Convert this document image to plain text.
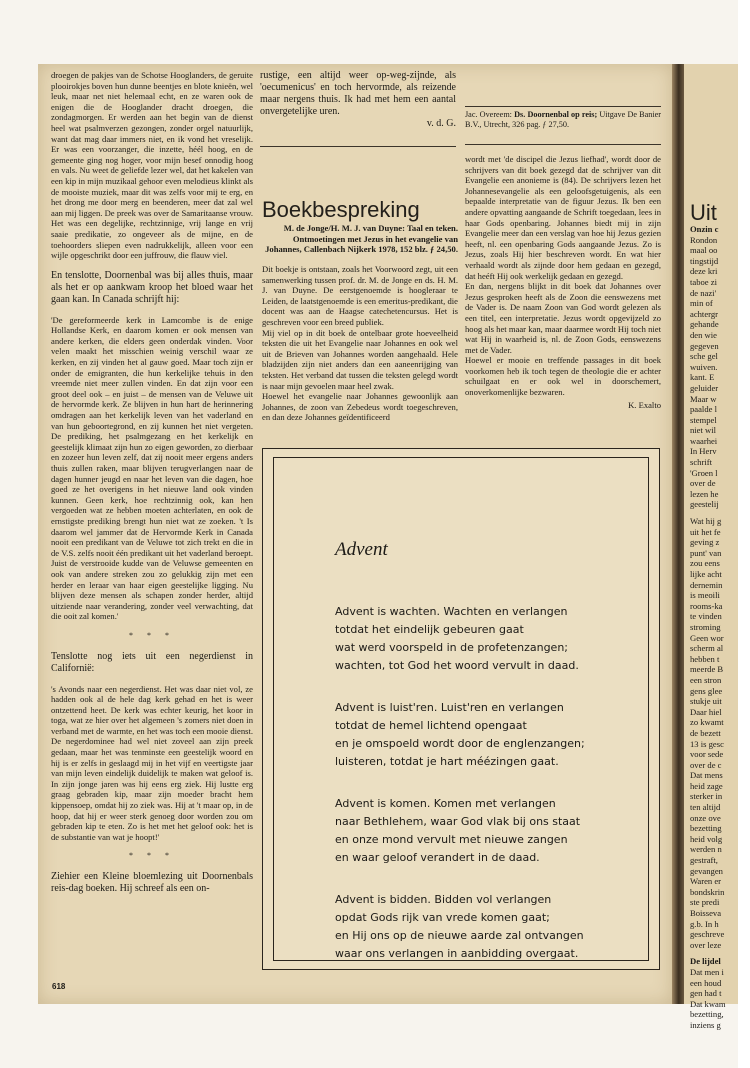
Uit
Onzin c
Rondon
maal oo
tingstijd
deze kri
taboe zi
de nazi'
min of
achtergr
gehande
den wie
gegeven
sche gel
wuiven.
kant. E
geluider
Maar w
paalde l
stempel
niet wil
waarhei
In Herv
schrift
'Groen l
over de
lezen he
geestelij
Wat hij g
uit het fe
geving z
punt' van
zou eens
lijke acht
dernemin
is meoili
rooms-ka
te vinden
stroming
Geen wor
scherm al
hebben t
meerde B
een stron
gens glee
stukje uit
Daar hiel
zo kwamt
de bezett
13 is gesc
voor sede
over de c
Dat mens
heid zage
sterker in
ten altijd
onze ove
bezetting
heid volg
werden n
gestraft,
gevangen
Waren er
bondskrin
ste predi
Boisseva
g.b. In h
geschreve
over leze
De lijdel
Dat men i
een houd
gen had t
Dat kwam
bezetting,
inziens g

droegen de pakjes van de Schotse Hooglanders, de geruite plooirokjes boven hun dunne beentjes en blote knieën, wel leuk, maar net niet helemaal echt, en ze waren ook de enigen die de Hooglander dracht droegen, die zondagmorgen. Er werden aan het begin van de dienst heel wat psalmverzen gezongen, zonder orgel natuurlijk, want dat mag daar immers niet, en ik vond het vreselijk. Er was een voorzanger, die inzette, héél hoog, en de gemeente ging nog hoger, voor mijn besef onnodig hoog en vals. Nu weet de geliefde lezer wel, dat het kakelen van een kip in mijn muzikaal gehoor even melodieus klinkt als de mooiste muziek, maar dit was zelfs voor mij te erg, en het drong me door merg en beenderen, meer dat zal wel aan mij liggen. De preek was over de Samaritaanse vrouw. Het was een degelijke, rechtzinnige, vrij lange en vrij saaie predikatie, zo ongeveer als de mijne, en de toehoorders sliepen even nadrukkelijk, alleen voor een wijle opgeschrikt door een juffrouw, die flauw viel.

En tenslotte, Doornenbal was bij alles thuis, maar als het er op aankwam kroop het bloed waar het gaan kan. In Canada schrijft hij:

'De gereformeerde kerk in Lamcombe is de enige Hollandse Kerk, en daarom komen er ook mensen van andere kerken, die elders geen onderdak vinden. Voor velen maakt het misschien weinig verschil waar ze kerken, en zij vinden het al gauw goed. Maar toch zijn er onder de emigranten, die hun kerkelijke tehuis in den vreemde niet meer zullen vinden. En dat zijn voor een groot deel ook – en juist – de mensen van de Veluwe uit de hervormde kerk. Ze blijven in hun hart de herinnering omdragen aan het kerkelijk leven van het vaderland en van hun geboortegrond, en zij kunnen het niet vergeten. De prediking, het psalmgezang en het kerkelijk en geestelijk klimaat zijn hun zo eigen geworden, zo dierbaar en zozeer hun leven zelf, dat zij nooit meer ergens anders thuis zullen raken, maar blijven terugverlangen naar de dagen hunner jeugd en naar het leven van die dagen, hoe goed ze het overigens in het nieuwe land ook vinden kunnen. Geen kerk, hoe rechtzinnig ook, kan hen vergoeden wat ze hebben moeten achterlaten, en ook de ernstigste prediking brengt hun niet wat ze zoeken. 't Is daarom wel jammer dat de Hervormde Kerk in Canada nooit een predikant van de Veluwe tot zich trekt en die in de V.S. zelfs nooit één predikant uit het vaderland beroept. Juist de verstrooide kudde van de Veluwse gemeenten en ook van andere streken zou zo gelukkig zijn met een herder en leraar van haar eigen geestelijke ligging. Nu blijven deze mensen als schapen zonder herder, altijd uitziende naar verandering, zonder veel verwachting, dat die ooit zal komen.'

* * *

Tenslotte nog iets uit een negerdienst in Californië:

's Avonds naar een negerdienst. Het was daar niet vol, ze hadden ook al de hele dag kerk gehad en het is weer ontzettend heet. De kerk was echter keurig, het koor in toga, wat ze hier over het algemeen 's zomers niet doen in verband met de warmte, en het was toch een mooie dienst. De negerdominee had wel niet zoveel aan zijn preek gedaan, maar het was tenminste een geestelijk woord en hij is er zelfs in geslaagd mij in het vijf en veertigste jaar van mijn leven eindelijk duidelijk te maken wat geloof is. In zijn jonge jaren was hij eens erg ziek. Hij lustte erg graag gebraden kip, maar zijn moeder bracht hem kippensoep, omdat hij zo ziek was. Hij at 't maar op, in de hoop, dat hij er weer sterk genoeg door worden zou om gebraden kip te eten. Zo is het met het geloof ook: het is de substantie van wat je hoopt!'

* * *

Ziehier een Kleine bloemlezing uit Doornenbals reis-dag boeken. Hij schreef als een on-

rustige, een altijd weer op-weg-zijnde, als 'oecumenicus' en toch hervormde, als reizende maar nergens thuis. Ik had met hem een aantal onvergetelijke uren.
v. d. G.
Jac. Overeem: Ds. Doornenbal op reis; Uitgave De Banier B.V., Utrecht, 326 pag. ƒ 27,50.
Boekbespreking
M. de Jonge/H. M. J. van Duyne: Taal en teken. Ontmoetingen met Jezus in het evangelie van Johannes, Callenbach Nijkerk 1978, 152 blz. ƒ 24,50.

Dit boekje is ontstaan, zoals het Voorwoord zegt, uit een samenwerking tussen prof. dr. M. de Jonge en ds. H. M. J. van Duyne. De eerstgenoemde is hoogleraar te Leiden, de laatstgenoemde is een emeritus-predikant, die docent was aan de Haagse catechetencursus. Het is geschreven voor een breed publiek.

Mij viel op in dit boek de ontelbaar grote hoeveelheid teksten die uit het Evangelie naar Johannes en ook wel uit de Brieven van Johannes worden aangehaald. Hele bladzijden zijn niet anders dan een aaneenrijging van teksten. Het verband dat tussen die teksten gelegd wordt is naar mijn gevoelen maar heel zwak.

Hoewel het evangelie naar Johannes gewoonlijk aan Johannes, de zoon van Zebedeus wordt toegeschreven, en dan deze Johannes geïdentificeerd

wordt met 'de discipel die Jezus liefhad', wordt door de schrijvers van dit boek gezegd dat de schrijver van dit Evangelie een anonieme is (84). De schrijvers lezen het Johannesevangelie als een geloofsgetuigenis, als een bepaalde interpretatie van de figuur Jezus. Ik ben een andere opvatting aangaande de Schrift toegedaan, lees in haar Gods openbaring. Johannes biedt mij in zijn Evangelie meer dan een verslag van hoe hij Jezus gezien heeft, nl. een openbaring Gods aangaande Jezus. Zo is Jezus, zoals Hij hier beschreven wordt. En wat hier verhaald wordt als zijnde door hem gedaan en gezegd, dat heéft Hij ook werkelijk gedaan en gezegd.

En dan, nergens blijkt in dit boek dat Johannes over Jezus gesproken heeft als de Zoon die eenswezens met de Vader is. De naam Zoon van God wordt gelezen als een titel, een interpretatie. Jezus wordt opgevijzeld zo hoog als het maar kan, maar daarmee wordt Hij toch niet wat Hij in waarheid is, nl. de Zoon Gods, eenswezens met de Vader.

Hoewel er mooie en treffende passages in dit boek voorkomen heb ik toch tegen de theologie die er achter schuilgaat en er ook wel in doorschemert, onoverkomenlijke bezwaren.

K. Exalto
Advent
Advent is wachten. Wachten en verlangen
totdat het eindelijk gebeuren gaat
wat werd voorspeld in de profetenzangen;
wachten, tot God het woord vervult in daad.
Advent is luist'ren. Luist'ren en verlangen
totdat de hemel lichtend opengaat
en je omspoeld wordt door de englenzangen;
luisteren, totdat je hart méézingen gaat.
Advent is komen. Komen met verlangen
naar Bethlehem, waar God vlak bij ons staat
en onze mond vervult met nieuwe zangen
en waar geloof verandert in de daad.
Advent is bidden. Bidden vol verlangen
opdat Gods rijk van vrede komen gaat;
en Hij ons op de nieuwe aarde zal ontvangen
waar ons verlangen in aanbidding overgaat.
618
